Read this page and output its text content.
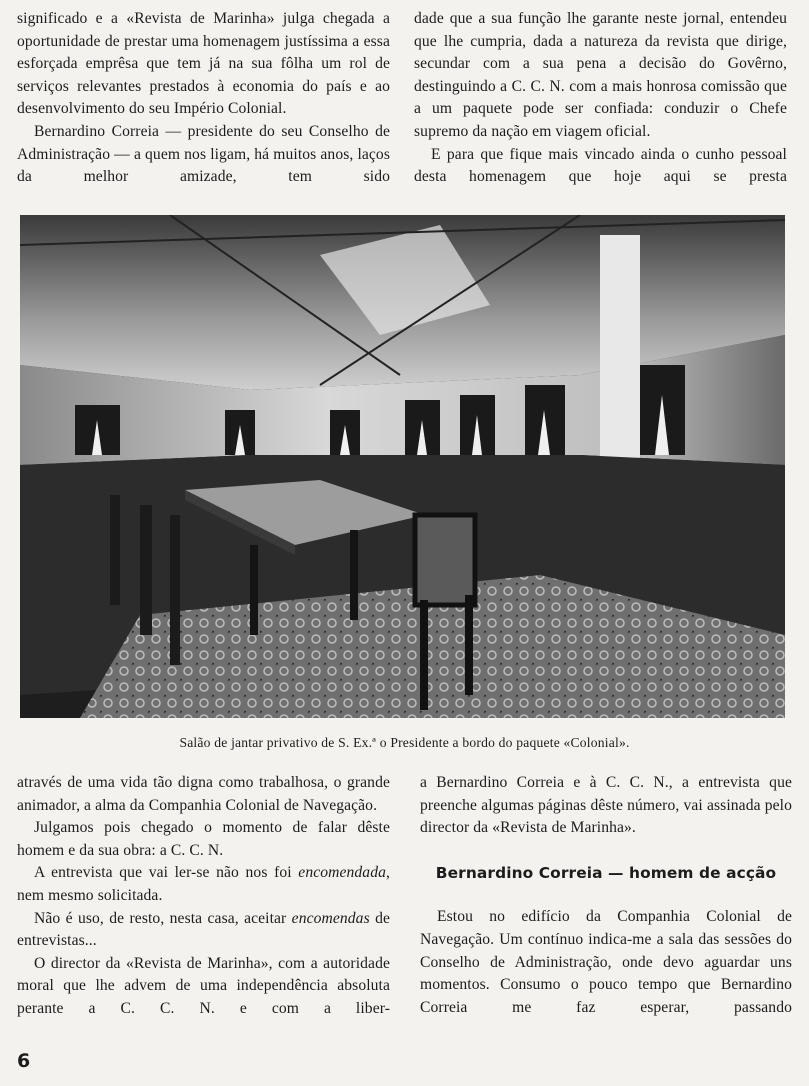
significado e a «Revista de Marinha» julga chegada a oportunidade de prestar uma homenagem justíssima a essa esforçada emprêsa que tem já na sua fôlha um rol de serviços relevantes prestados à economia do país e ao desenvolvimento do seu Império Colonial.

Bernardino Correia — presidente do seu Conselho de Administração — a quem nos ligam, há muitos anos, laços da melhor amizade, tem sido

dade que a sua função lhe garante neste jornal, entendeu que lhe cumpria, dada a natureza da revista que dirige, secundar com a sua pena a decisão do Govêrno, destinguindo a C. C. N. com a mais honrosa comissão que a um paquete pode ser confiada: conduzir o Chefe supremo da nação em viagem oficial.

E para que fique mais vincado ainda o cunho pessoal desta homenagem que hoje aqui se presta

Salão de jantar privativo de S. Ex.ª o Presidente a bordo do paquete «Colonial».

através de uma vida tão digna como trabalhosa, o grande animador, a alma da Companhia Colonial de Navegação.

Julgamos pois chegado o momento de falar dêste homem e da sua obra: a C. C. N.

A entrevista que vai ler-se não nos foi encomendada, nem mesmo solicitada.

Não é uso, de resto, nesta casa, aceitar encomendas de entrevistas...

O director da «Revista de Marinha», com a autoridade moral que lhe advem de uma independência absoluta perante a C. C. N. e com a liber-

a Bernardino Correia e à C. C. N., a entrevista que preenche algumas páginas dêste número, vai assinada pelo director da «Revista de Marinha».

Bernardino Correia — homem de acção

Estou no edifício da Companhia Colonial de Navegação. Um contínuo indica-me a sala das sessões do Conselho de Administração, onde devo aguardar uns momentos. Consumo o pouco tempo que Bernardino Correia me faz esperar, passando

6
